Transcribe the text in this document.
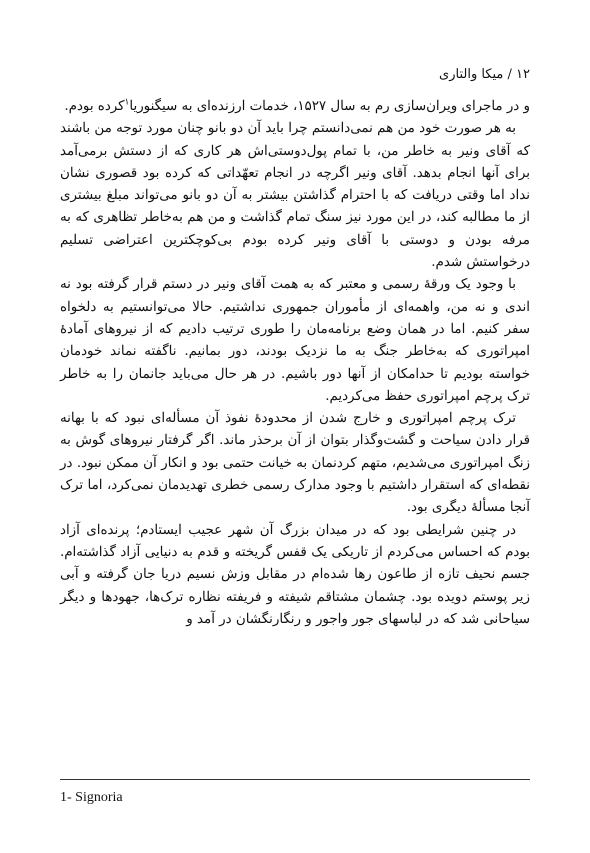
۱۲ / میکا والتاری

و در ماجرای ویران‌سازی رم به سال ۱۵۲۷، خدمات ارزنده‌ای به سیگنوریا$^۱$کرده بودم.

به هر صورت خود من هم نمی‌دانستم چرا باید آن دو بانو چنان مورد توجه من باشند که آقای ونیر به خاطر من، با تمام پول‌دوستی‌اش هر کاری که از دستش برمی‌آمد برای آنها انجام بدهد. آقای ونیر اگرچه در انجام تعهّداتی که کرده بود قصوری نشان نداد اما وقتی دریافت که با احترام گذاشتن بیشتر به آن دو بانو می‌تواند مبلغ بیشتری از ما مطالبه کند، در این مورد نیز سنگ تمام گذاشت و من هم به‌خاطر تظاهری که به مرفه بودن و دوستی با آقای ونیر کرده بودم بی‌کوچکترین اعتراضی تسلیم درخواستش شدم.

با وجود یک ورقهٔ رسمی و معتبر که به همت آقای ونیر در دستم قرار گرفته بود نه اندی و نه من، واهمه‌ای از مأموران جمهوری نداشتیم. حالا می‌توانستیم به دلخواه سفر کنیم. اما در همان وضع برنامه‌مان را طوری ترتیب دادیم که از نیروهای آمادهٔ امپراتوری که به‌خاطر جنگ به ما نزدیک بودند، دور بمانیم. ناگفته نماند خودمان خواسته بودیم تا حدامکان از آنها دور باشیم. در هر حال می‌باید جانمان را به خاطر ترک پرچم امپراتوری حفظ می‌کردیم.

ترک پرچم امپراتوری و خارج شدن از محدودهٔ نفوذ آن مسأله‌ای نبود که با بهانه قرار دادن سیاحت و گشت‌وگذار بتوان از آن برحذر ماند. اگر گرفتار نیروهای گوش به زنگ امپراتوری می‌شدیم، متهم کردنمان به خیانت حتمی بود و انکار آن ممکن نبود. در نقطه‌ای که استقرار داشتیم با وجود مدارک رسمی خطری تهدیدمان نمی‌کرد، اما ترک آنجا مسألهٔ دیگری بود.

در چنین شرایطی بود که در میدان بزرگ آن شهر عجیب ایستادم؛ پرنده‌ای آزاد بودم که احساس می‌کردم از تاریکی یک قفس گریخته و قدم به دنیایی آزاد گذاشته‌ام. جسم نحیف تازه از طاعون رها شده‌ام در مقابل وزش نسیم دریا جان گرفته و آبی زیر پوستم دویده بود. چشمان مشتاقم شیفته و فریفته نظاره ترک‌ها، جهودها و دیگر سیاحانی شد که در لباسهای جور واجور و رنگارنگشان در آمد و

1- Signoria
